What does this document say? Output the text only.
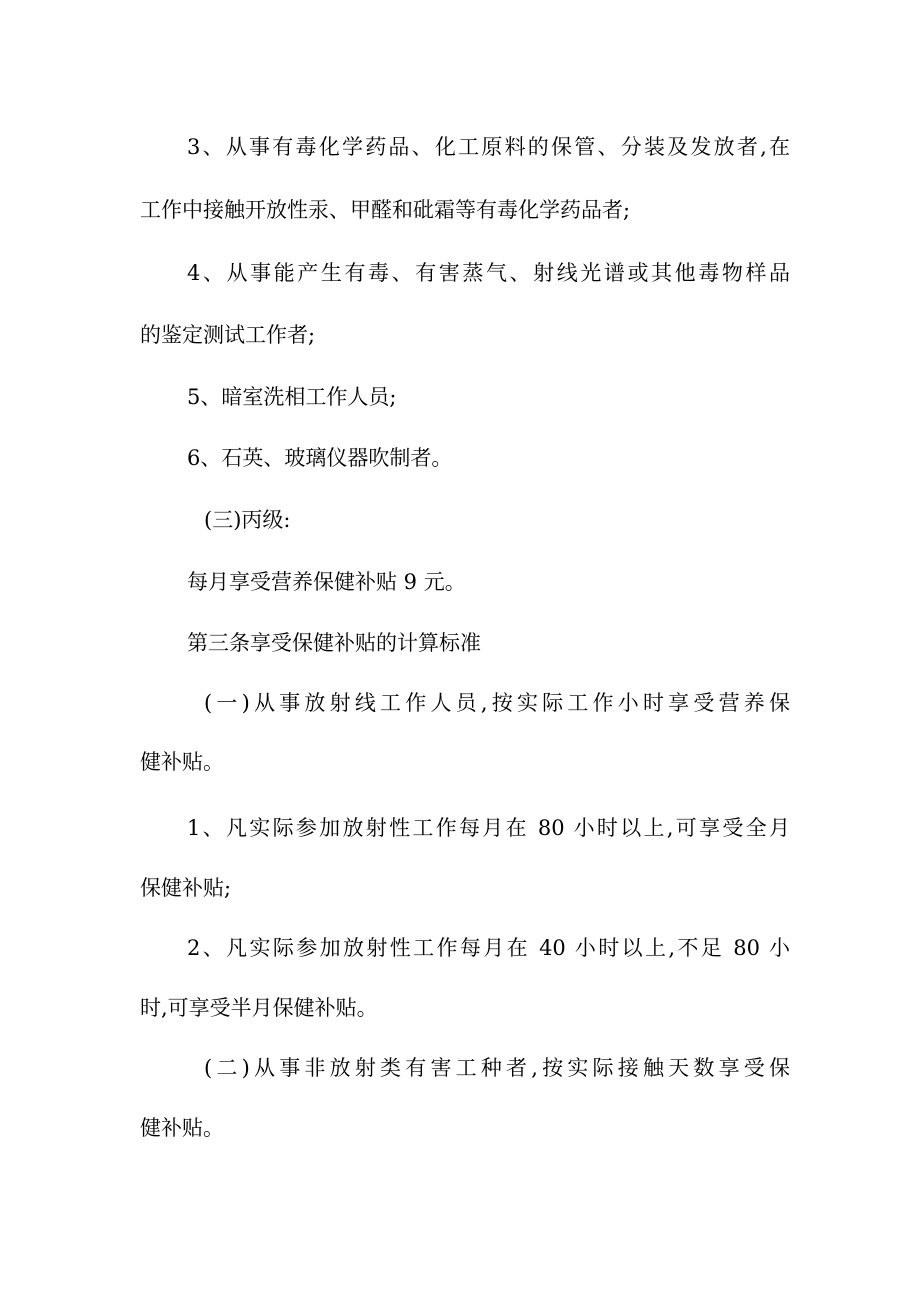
3、从事有毒化学药品、化工原料的保管、分装及发放者,在
工作中接触开放性汞、甲醛和砒霜等有毒化学药品者;
4、从事能产生有毒、有害蒸气、射线光谱或其他毒物样品
的鉴定测试工作者;
5、暗室洗相工作人员;
6、石英、玻璃仪器吹制者。
(三)丙级:
每月享受营养保健补贴 9 元。
第三条享受保健补贴的计算标准
(一)从事放射线工作人员,按实际工作小时享受营养保
健补贴。
1、凡实际参加放射性工作每月在 80 小时以上,可享受全月
保健补贴;
2、凡实际参加放射性工作每月在 40 小时以上,不足 80 小
时,可享受半月保健补贴。
(二)从事非放射类有害工种者,按实际接触天数享受保
健补贴。
